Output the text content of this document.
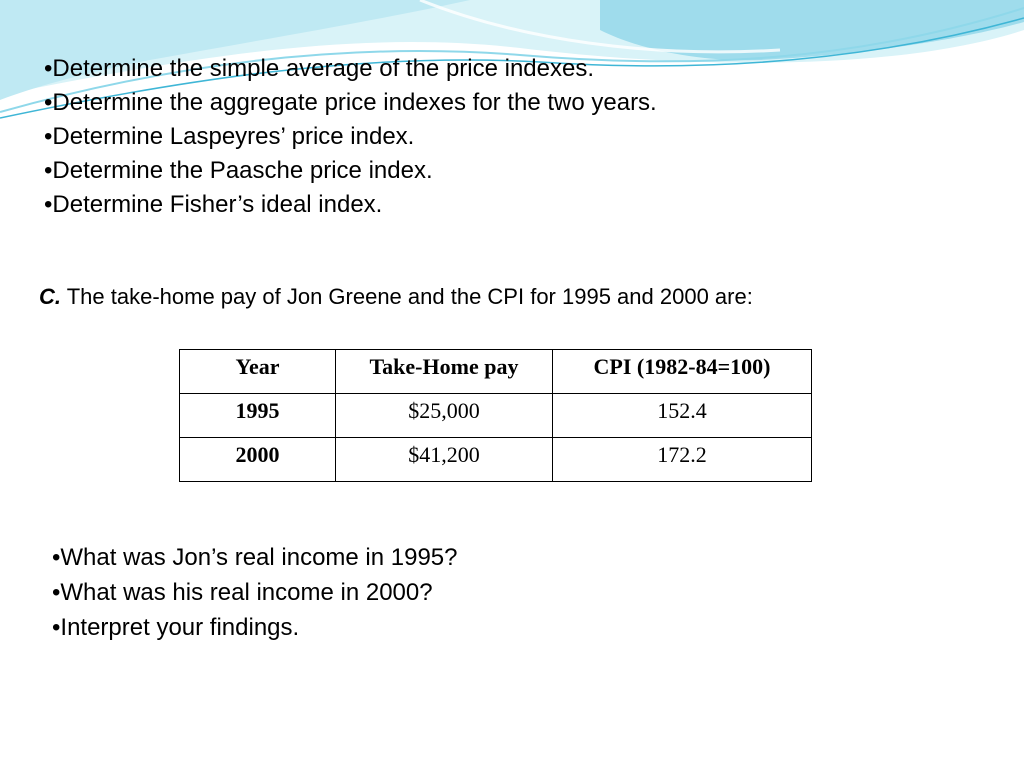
•Determine the simple average of the price indexes.
•Determine the aggregate price indexes for the two years.
•Determine Laspeyres’ price index.
•Determine the Paasche price index.
•Determine Fisher’s ideal index.
C. The take-home pay of Jon Greene and the CPI for 1995 and 2000 are:
Year	Take-Home pay	CPI (1982-84=100)
1995	$25,000	152.4
2000	$41,200	172.2
•What was Jon’s real income in 1995?
•What was his real income in 2000?
•Interpret your findings.
